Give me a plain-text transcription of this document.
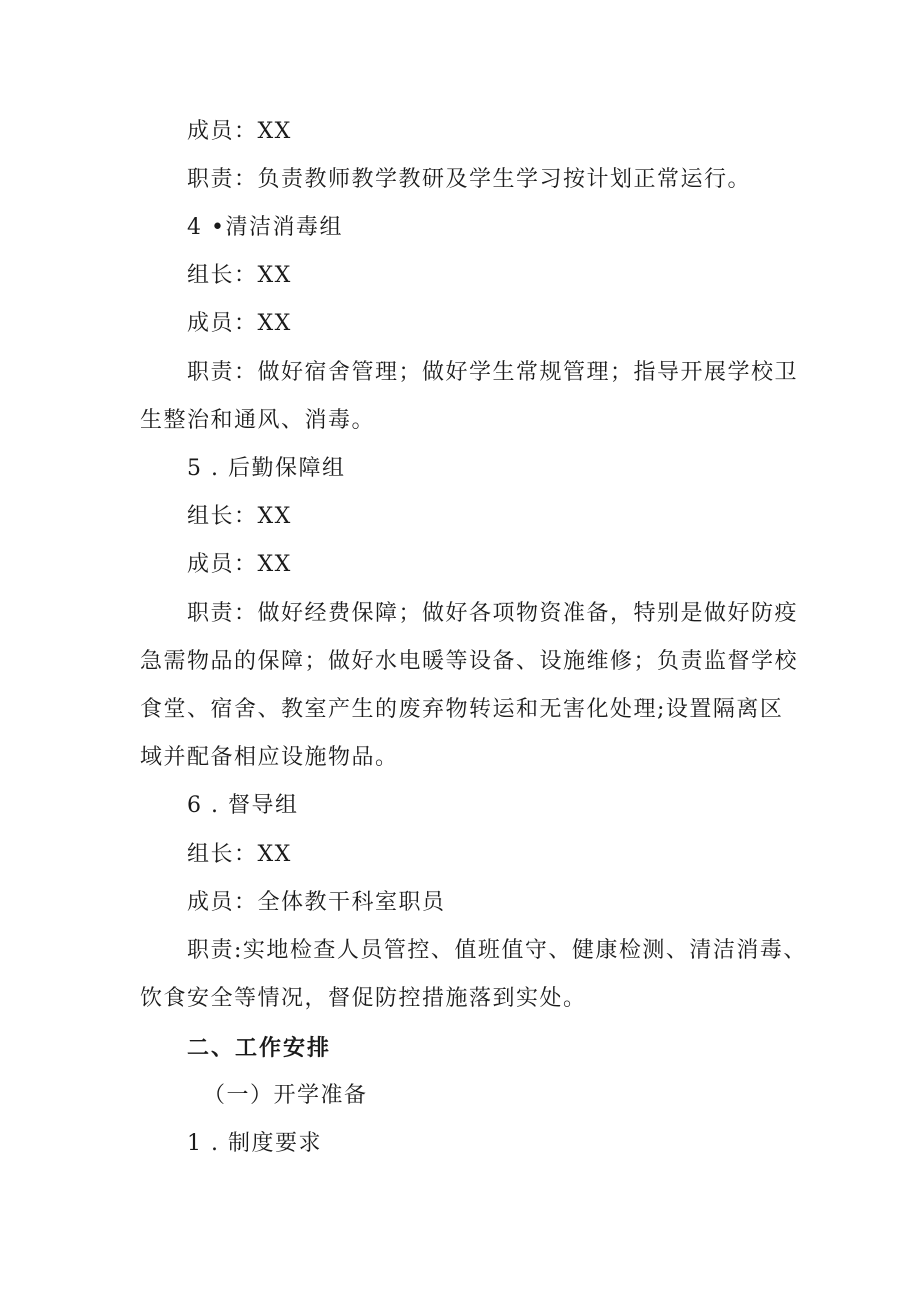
成员：XX
职责：负责教师教学教研及学生学习按计划正常运行。
4 •清洁消毒组
组长：XX
成员：XX
职责：做好宿舍管理；做好学生常规管理；指导开展学校卫
生整治和通风、消毒。
5 . 后勤保障组
组长：XX
成员：XX
职责：做好经费保障；做好各项物资准备，特别是做好防疫
急需物品的保障；做好水电暖等设备、设施维修；负责监督学校
食堂、宿舍、教室产生的废弃物转运和无害化处理;设置隔离区
域并配备相应设施物品。
6 . 督导组
组长：XX
成员：全体教干科室职员
职责:实地检查人员管控、值班值守、健康检测、清洁消毒、
饮食安全等情况，督促防控措施落到实处。
二、工作安排
（一）开学准备
1 . 制度要求
